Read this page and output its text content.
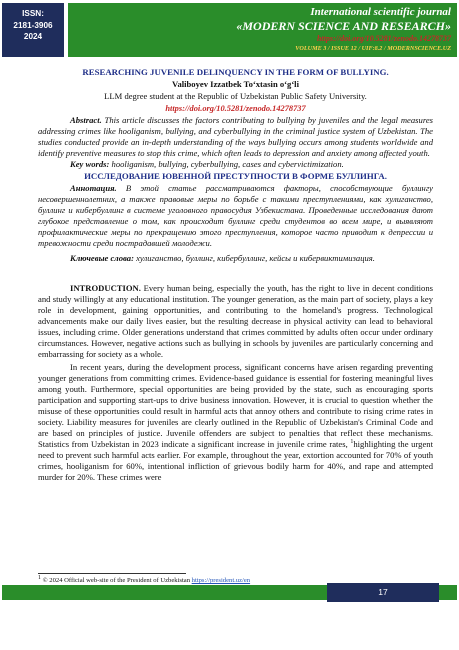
ISSN:
2181-3906
2024
International scientific journal
«MODERN SCIENCE AND RESEARCH»
https://doi.org/10.5281/zenodo.14278737
VOLUME 3 / ISSUE 12 / UIF:8.2 / MODERNSCIENCE.UZ
RESEARCHING JUVENILE DELINQUENCY IN THE FORM OF BULLYING.
Valiboyev Izzatbek To‘xtasin o‘g‘li
LLM degree student at the Republic of Uzbekistan Public Safety University.
https://doi.org/10.5281/zenodo.14278737
Abstract. This article discusses the factors contributing to bullying by juveniles and the legal measures addressing crimes like hooliganism, bullying, and cyberbullying in the criminal justice system of Uzbekistan. The studies conducted provide an in-depth understanding of the ways bullying occurs among students worldwide and identify preventive measures to stop this crime, which often leads to depression and anxiety among affected youth.
Key words: hooliganism, bullying, cyberbullying, cases and cybervictimization.
ИССЛЕДОВАНИЕ ЮВЕННОЙ ПРЕСТУПНОСТИ В ФОРМЕ БУЛЛИНГА.
Аннотация. В этой статье рассматриваются факторы, способствующие буллингу несовершеннолетних, а также правовые меры по борьбе с такими преступлениями, как хулиганство, буллинг и кибербуллинг в системе уголовного правосудия Узбекистана. Проведенные исследования дают глубокое представление о том, как происходит буллинг среди студентов во всем мире, и выявляют профилактические меры по прекращению этого преступления, которое часто приводит к депрессии и тревожности среди пострадавшей молодежи.
Ключевые слова: хулиганство, буллинг, кибербуллинг, кейсы и кибервиктимизация.
INTRODUCTION. Every human being, especially the youth, has the right to live in decent conditions and study willingly at any educational institution. The younger generation, as the main part of society, plays a key role in development, gaining opportunities, and contributing to the homeland's progress. Technological advancements make our daily lives easier, but the resulting decrease in physical activity can lead to behavioral issues, including crime. Older generations understand that crimes committed by adults often occur under ordinary circumstances. However, negative actions such as bullying in schools by juveniles are particularly concerning and embarrassing for society as a whole.
In recent years, during the development process, significant concerns have arisen regarding preventing younger generations from committing crimes. Evidence-based guidance is essential for fostering meaningful lives among youth. Furthermore, special opportunities are being provided by the state, such as encouraging sports participation and supporting start-ups to drive business innovation. However, it is crucial to question whether the misuse of these opportunities could result in harmful acts that annoy others and contribute to rising crime rates in society. Liability measures for juveniles are clearly outlined in the Republic of Uzbekistan's Criminal Code and are based on principles of justice. Juvenile offenders are subject to penalties that reflect these mechanisms. Statistics from Uzbekistan in 2023 indicate a significant increase in juvenile crime rates, $^1$highlighting the urgent need to prevent such harmful acts earlier. For example, throughout the year, extortion accounted for 70% of youth crimes, hooliganism for 60%, intentional infliction of grievous bodily harm for 40%, and rape and attempted murder for 20%. These crimes were
$^1$ © 2024 Official web-site of the President of Uzbekistan https://president.uz/en
17
